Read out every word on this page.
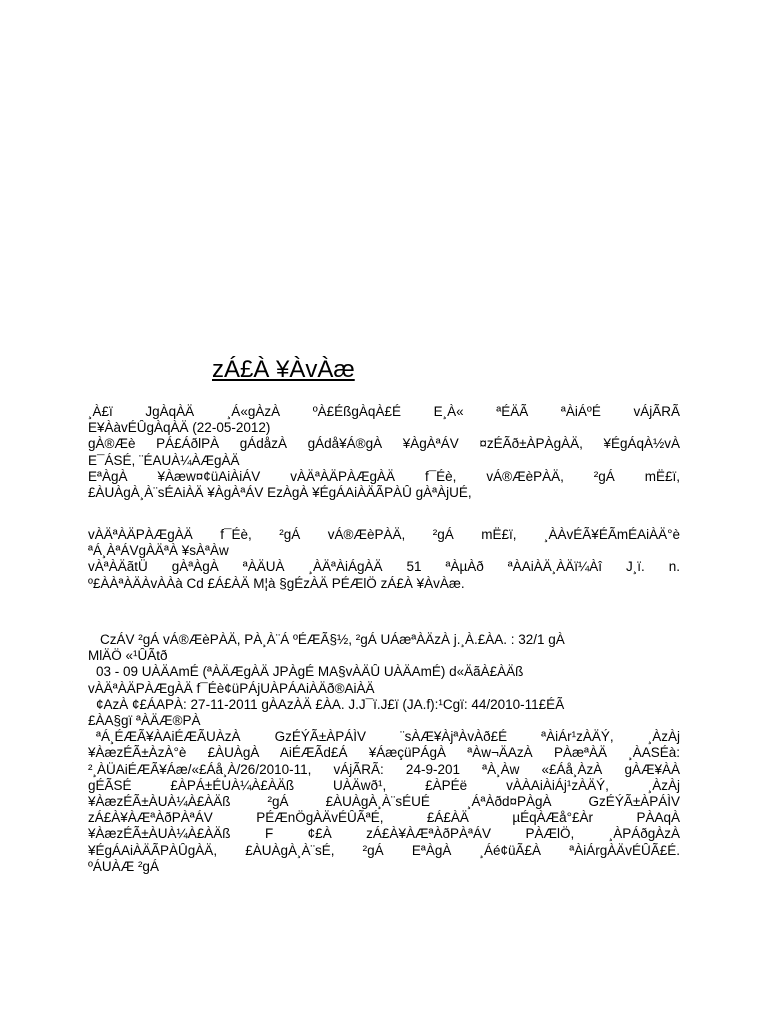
zÁ£À ¥ÀvÀæ
¸À£ï JgÀqÀÄ ¸Á«gÀzÀ ºÀ£ÉßgÀqÀ£É E¸À« ªÉÄÃ ªÀiÁºÉ vÁjÃRÃ
E¥ÀàvÉÛgÀqÀÄ (22-05-2012)
gÀ®Æè PÁ£ÁðlPÀ gÁdåzÀ gÁdå¥Á®gÀ ¥ÀgÀªÁV ¤zÉÃð±ÀPÀgÀÄ, ¥ÉgÁqÀ½vÀ
E¯ÁSÉ, ¨ÉAUÀ¼ÀÆgÀÄ
EªÀgÀ ¥Àæw¤¢üAiÀiÁV vÀÄªÀÄPÀÆgÀÄ f¯Éè, vÁ®ÆèPÀÄ, ²gÁ mË£ï,
£ÀUÀgÀ¸À¨sÉAiÀÄ ¥ÀgÀªÁV EzÀgÀ ¥ÉgÁAiÀÄÃPÀÛ gÀªÀjUÉ,
vÀÄªÀÄPÀÆgÀÄ f¯Éè, ²gÁ vÁ®ÆèPÀÄ, ²gÁ mË£ï, ¸ÀÀvÉÃ¥ÉÃmÉAiÀÄ°è
ªÁ¸ÀªÁVgÀÄªÀ ¥sÀªÀw
vÀªÀÄãtÜ gÀªÀgÀ ªÀÄUÀ ¸ÀÄªÀiÁgÀÄ 51 ªÀµÀð ªÀAiÀÄ¸ÀÄï¼Àî J¸ï. n.
º£ÀÀªÀÄÀvÀÀà Cd £Á£ÀÄ M¦à §gÉzÀÄ PÉÆlÖ zÁ£À ¥ÀvÀæ.
CzÁV ²gÁ vÁ®ÆèPÀÄ, PÀ¸À¨Á ºÉÆÃ§½, ²gÁ UÁæªÀÄzÀ j.¸À.£ÀA. : 32/1 gÀ
MlÄÖ «¹ÛÃtð
03 - 09 UÀÄAmÉ (ªÀÄÆgÀÄ JPÀgÉ MA§vÀÄÛ UÀÄAmÉ) d«ÄãÀ£ÀÄß
vÀÄªÀÄPÀÆgÀÄ f¯Éè¢üPÁjUÀPÁAiÀÄð®AiÀÄ
¢AzÀ ¢£ÁAPÀ: 27-11-2011 gÀAzÀÄ £ÀA. J.J¯ï.J£ï (JA.f):¹Cgï: 44/2010-11£ÉÃ
£ÀA§gï ªÀÄÆ®PÀ
ªÁ¸ÉÆÃ¥ÀAiÉÆÃUÀzÀ GzÉÝÃ±ÀPÁÌV ¨sÀÆ¥ÀjªÀvÀð£É ªÀiÁr¹zÀÄÝ, ¸ÀzÀj
¥ÀæzÉÃ±ÀzÀ°è £ÀUÀgÀ AiÉÆÃd£Á ¥ÁæçüPÁgÀ ªÀw¬ÄAzÀ PÀæªÀÄ ¸ÀASÉà:
²¸ÀÜAiÉÆÃ¥Áæ/«£Áå¸À/26/2010-11, vÁjÃRÃ: 24-9-201 ªÀ¸Àw «£Áå¸ÀzÀ gÀÆ¥ÀÀ
gÉÃSÉ £ÀPÁ±ÉUÀ¼À£ÀÄß UÀÄwð¹, £ÀPÉë vÀÀAiÀiÁj¹zÀÄÝ, ¸ÀzÀj
¥ÀæzÉÃ±ÀUÀ¼À£ÀÄß ²gÁ £ÀUÀgÀ¸À¨sÉUÉ ¸ÁªÀðd¤PÀgÀ GzÉÝÃ±ÀPÁÌV
zÁ£À¥ÀÆªÀðPÀªÁV PÉÆnÖgÀÄvÉÛÃªÉ, £Á£ÀÄ µÉqÀÆå°£Àr PÀAqÀ
¥ÀæzÉÃ±ÀUÀ¼À£ÀÄß F ¢£À zÁ£À¥ÀÆªÀðPÀªÁV PÀÆlÖ, ¸ÀPÁðgÀzÀ
¥ÉgÁAiÀÄÃPÀÛgÀÄ, £ÀUÀgÀ¸À¨sÉ, ²gÁ EªÀgÀ ¸Áé¢üÃ£À ªÀiÁrgÀÄvÉÛÃ£É.
ºÁUÀÆ ²gÁ
